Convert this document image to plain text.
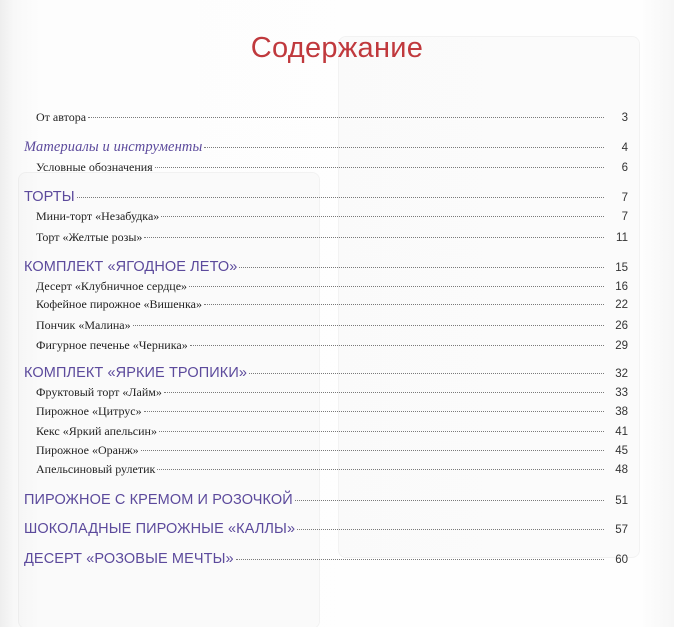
Содержание
От автора	3
Материалы и инструменты	4
Условные обозначения	6
ТОРТЫ	7
Мини-торт «Незабудка»	7
Торт «Желтые розы»	11
КОМПЛЕКТ «ЯГОДНОЕ ЛЕТО»	15
Десерт «Клубничное сердце»	16
Кофейное пирожное «Вишенка»	22
Пончик «Малина»	26
Фигурное печенье «Черника»	29
КОМПЛЕКТ «ЯРКИЕ ТРОПИКИ»	32
Фруктовый торт «Лайм»	33
Пирожное «Цитрус»	38
Кекс «Яркий апельсин»	41
Пирожное «Оранж»	45
Апельсиновый рулетик	48
ПИРОЖНОЕ С КРЕМОМ И РОЗОЧКОЙ	51
ШОКОЛАДНЫЕ ПИРОЖНЫЕ «КАЛЛЫ»	57
ДЕСЕРТ «РОЗОВЫЕ МЕЧТЫ»	60
